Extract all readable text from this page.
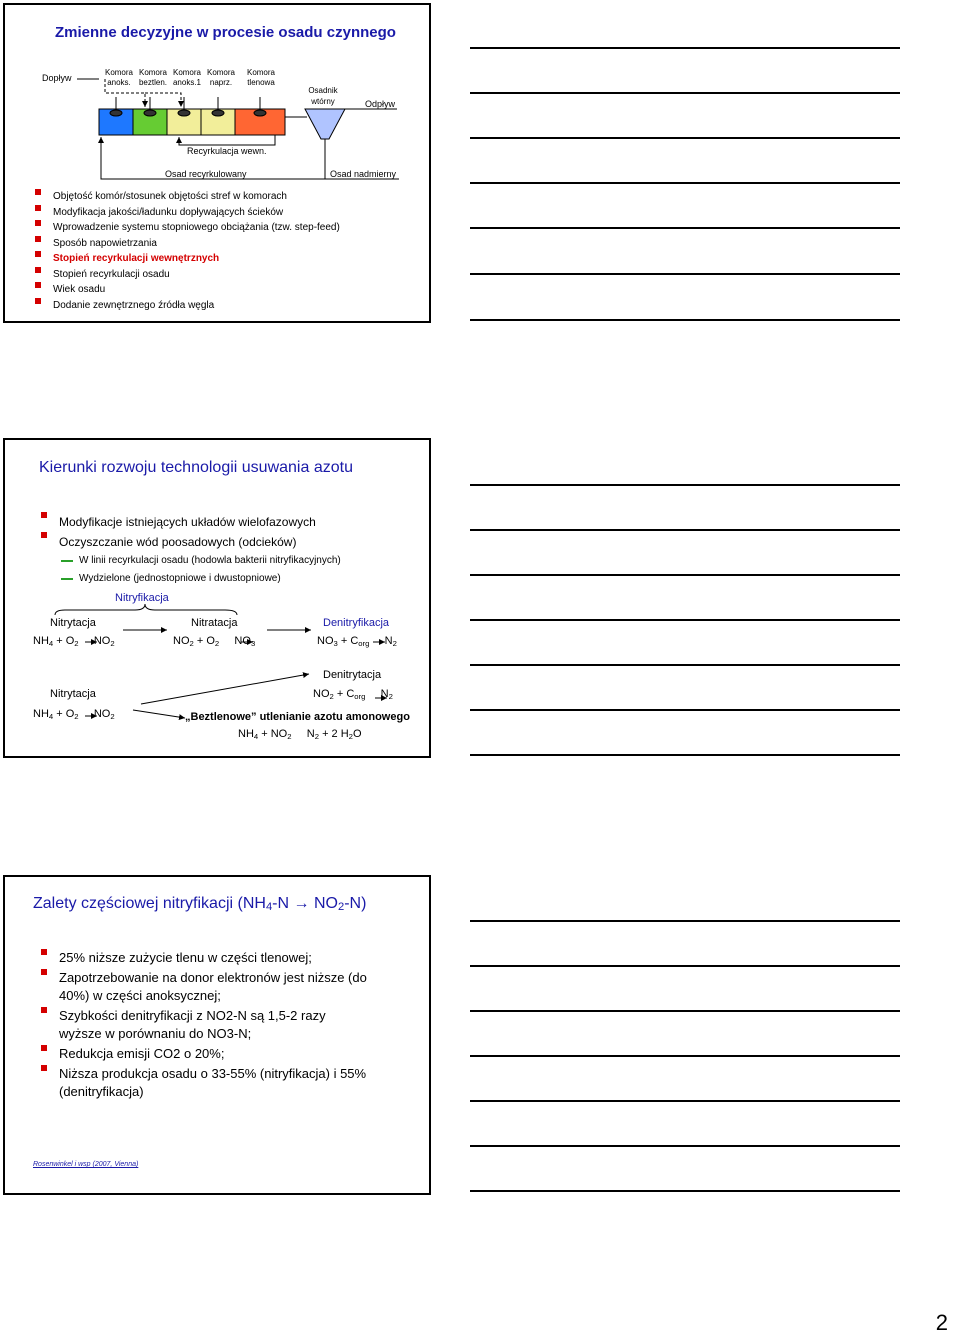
Zmienne decyzyjne w procesie osadu czynnego
Dopływ
Komora anoks.
Komora beztlen.
Komora anoks.1
Komora naprz.
Komora tlenowa
Osadnik wtórny	Odpływ
Recyrkulacja wewn.
Osad recyrkulowany	Osad nadmierny
Objętość komór/stosunek objętości stref w komorach
Modyfikacja jakości/ładunku dopływających ścieków
Wprowadzenie systemu stopniowego obciążania (tzw. step-feed)
Sposób napowietrzania
Stopień recyrkulacji wewnętrznych
Stopień recyrkulacji osadu
Wiek osadu
Dodanie zewnętrznego źródła węgla
Kierunki rozwoju technologii usuwania azotu
Modyfikacje istniejących układów wielofazowych
Oczyszczanie wód poosadowych (odcieków)
W linii recyrkulacji osadu (hodowla bakterii nitryfikacyjnych)
Wydzielone (jednostopniowe i dwustopniowe)
Nitryfikacja
Nitrytacja	Nitratacja	Denitryfikacja
$NH_4 + O_2$     $NO_2$	$NO_2 + O_2$     $NO_3$	$NO_3 + C_{org}$     $N_2$
Denitrytacja
$NO_2 + C_{org}$     $N_2$
Nitrytacja
$NH_4 + O_2$     $NO_2$	„Beztlenowe” utlenianie azotu amonowego
$NH_4 + NO_2$     $N_2 + 2$ $H_2O$
Zalety częściowej nitryfikacji $(NH_4-N \to NO_2-N)$
25% niższe zużycie tlenu w części tlenowej;
Zapotrzebowanie na donor elektronów jest niższe (do 40%) w części anoksycznej;
Szybkości denitryfikacji z NO2-N są 1,5-2 razy wyższe w porównaniu do NO3-N;
Redukcja emisji CO2 o 20%;
Niższa produkcja osadu o 33-55% (nitryfikacja) i 55% (denitryfikacja)
Rosenwinkel i wsp (2007, Vienna)
2
